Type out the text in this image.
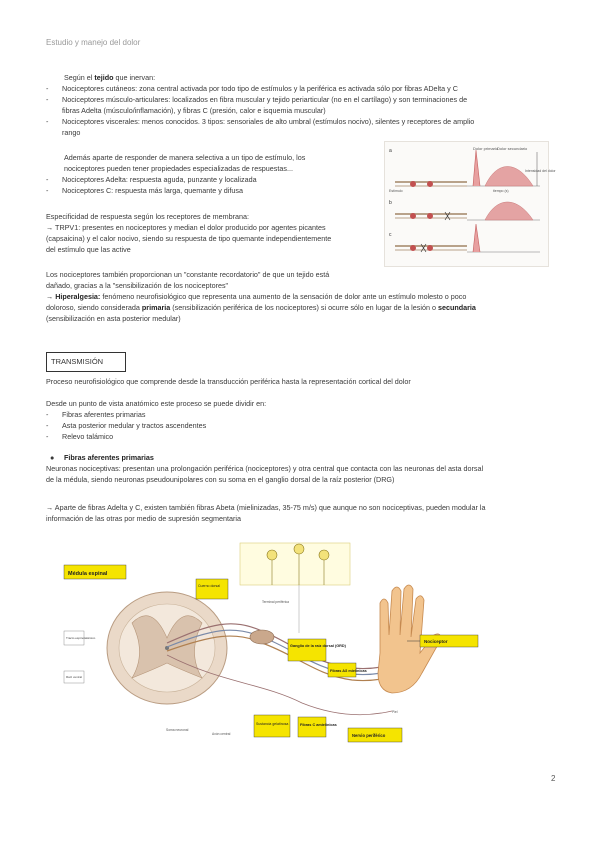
Estudio y manejo del dolor
Según el tejido que inervan:
- Nociceptores cutáneos: zona central activada por todo tipo de estímulos y la periférica es activada sólo por fibras ADelta y C
- Nociceptores músculo-articulares: localizados en fibra muscular y tejido periarticular (no en el cartílago) y son terminaciones de
fibras Adelta (músculo/inflamación), y fibras C (presión, calor e isquemia muscular)
- Nociceptores viscerales: menos conocidos. 3 tipos: sensoriales de alto umbral (estímulos nocivo), silentes y receptores de amplio
rango
Además aparte de responder de manera selectiva a un tipo de estímulo, los
nociceptores pueden tener propiedades especializadas de respuestas...
- Nociceptores Adelta: respuesta aguda, punzante y localizada
- Nociceptores C: respuesta más larga, quemante y difusa
Especificidad de respuesta según los receptores de membrana:
→ TRPV1: presentes en nociceptores y median el dolor producido por agentes picantes
(capsaicina) y el calor nocivo, siendo su respuesta de tipo quemante independientemente
del estímulo que las active
Los nociceptores también proporcionan un "constante recordatorio" de que un tejido está
dañado, gracias a la "sensibilización de los nociceptores"
→ Hiperalgesia: fenómeno neurofisiológico que representa una aumento de la sensación de dolor ante un estímulo molesto o poco
doloroso, siendo considerada primaria (sensibilización periférica de los nociceptores) si ocurre sólo en lugar de la lesión o secundaria
(sensibilización en asta posterior medular)
Dolor primario
Dolor secundario
Intensidad del dolor
Estímulo	tiempo (s)
a
b
c
TRANSMISIÓN
Proceso neurofisiológico que comprende desde la transducción periférica hasta la representación cortical del dolor
Desde un punto de vista anatómico este proceso se puede dividir en:
- Fibras aferentes primarias
- Asta posterior medular y tractos ascendentes
- Relevo talámico
● Fibras aferentes primarias
Neuronas nociceptivas: presentan una prolongación periférica (nociceptores) y otra central que contacta con las neuronas del asta dorsal
de la médula, siendo neuronas pseudounipolares con su soma en el ganglio dorsal de la raíz posterior (DRG)
→ Aparte de fibras Adelta y C, existen también fibras Abeta (mielinizadas, 35-75 m/s) que aunque no son nociceptivas, pueden modular la
información de las otras por medio de supresión segmentaria
Médula espinal
Cuerno dorsal
Ganglio de la raíz dorsal (GRD)
Fibras Aδ mielínicas
Fibras C amielínicas
Sustancia gelatinosa
Nervio periférico
Nociceptor
Tracto espinotalámico
Raíz ventral
Soma neuronal
Axón central
Terminal periférica
Piel
2
